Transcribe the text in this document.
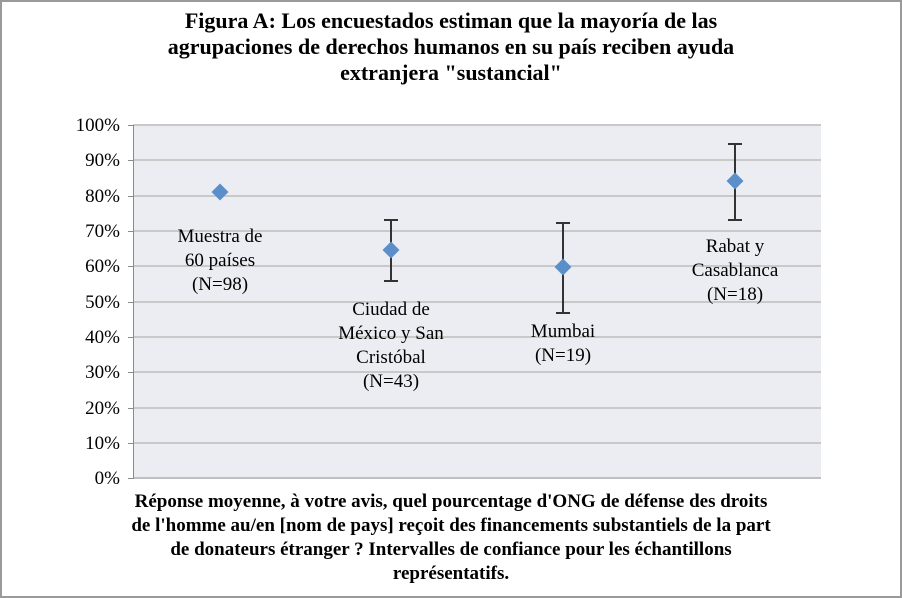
Figura A: Los encuestados estiman que la mayoría de las
agrupaciones de derechos humanos en su país reciben ayuda
extranjera "sustancial"
100%
90%
80%
70%
60%
50%
40%
30%
20%
10%
0%
Muestra de
60 países
(N=98)
Ciudad de
México y San
Cristóbal
(N=43)
Mumbai
(N=19)
Rabat y
Casablanca
(N=18)
Réponse moyenne, à votre avis, quel pourcentage d'ONG de défense des droits
de l'homme au/en [nom de pays] reçoit des financements substantiels de la part
de donateurs étranger ? Intervalles de confiance pour les échantillons
représentatifs.
